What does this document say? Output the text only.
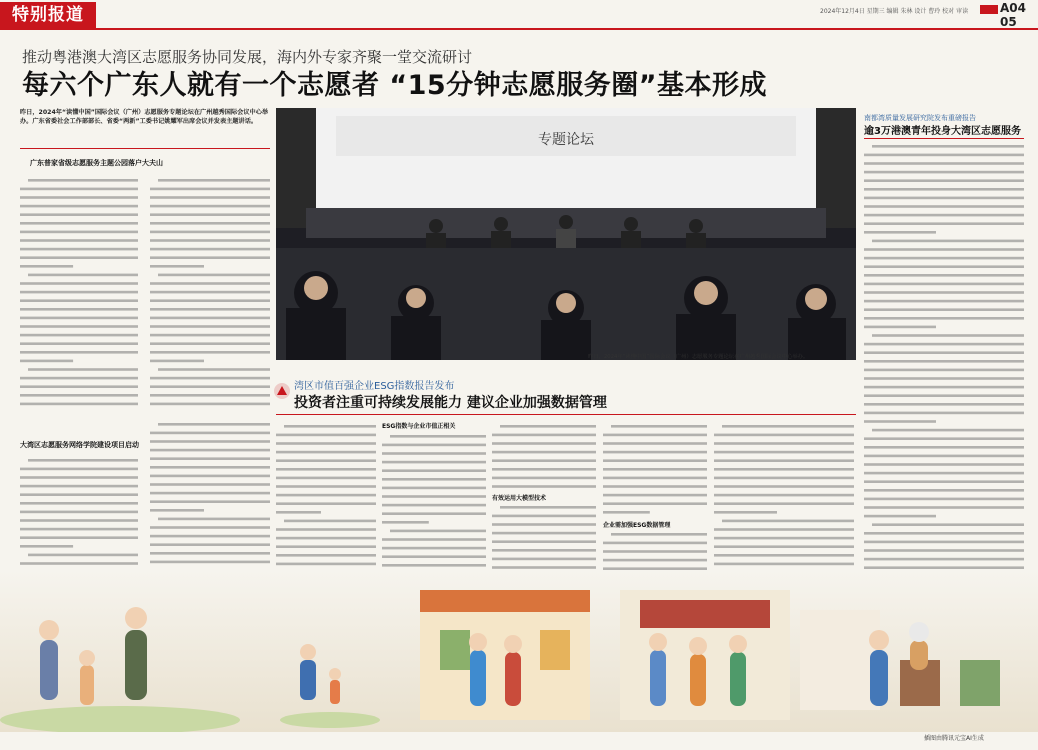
特别报道	2024年12月4日 星期三 编辑 朱林 设计 曹玲 校对 审读	A04 05
推动粤港澳大湾区志愿服务协同发展，海内外专家齐聚一堂交流研讨
每六个广东人就有一个志愿者 “15分钟志愿服务圈”基本形成
昨日，2024年“读懂中国”国际会议（广州）志愿服务专题论坛在广州越秀国际会议中心举办。广东省委社会工作部部长、省委“两新”工委书记姚耀军出席会议并发表主题讲话。
广东普家省级志愿服务主题公园落户大夫山
大湾区志愿服务网络学院建设项目启动
专题论坛
昨日，2024年“读懂中国”国际会议（广州）志愿服务专题论坛在广州越秀国际会议中心举办。
湾区市值百强企业ESG指数报告发布
投资者注重可持续发展能力 建议企业加强数据管理
ESG指数与企业市值正相关
有效运用大模型技术
企业需加强ESG数据管理
南都湾质量发展研究院发布重磅报告
逾3万港澳青年投身大湾区志愿服务
插图由腾讯元宝AI生成
